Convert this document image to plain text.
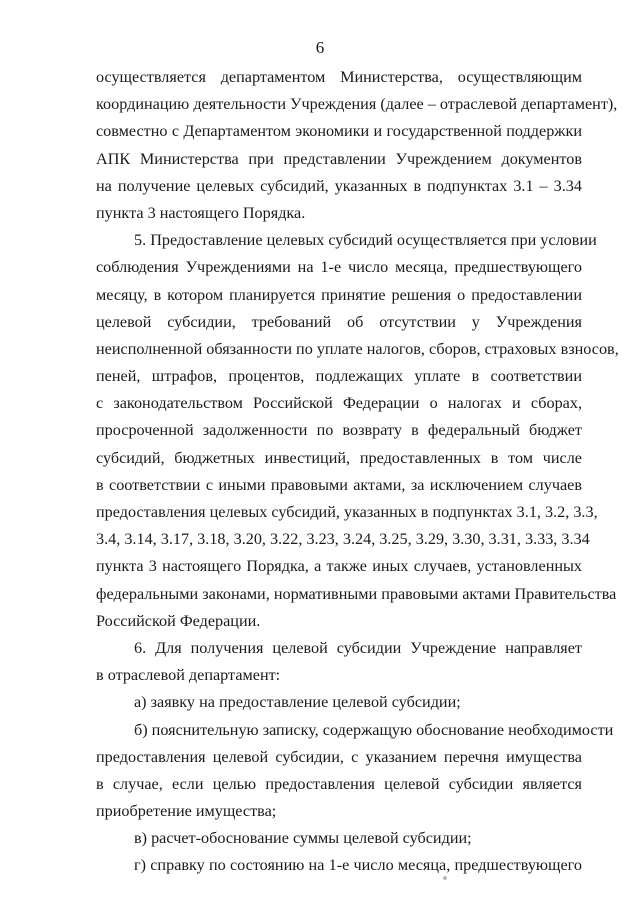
6
осуществляется департаментом Министерства, осуществляющим
координацию деятельности Учреждения (далее – отраслевой департамент),
совместно с Департаментом экономики и государственной поддержки
АПК Министерства при представлении Учреждением документов
на получение целевых субсидий, указанных в подпунктах 3.1 – 3.34
пункта 3 настоящего Порядка.
5. Предоставление целевых субсидий осуществляется при условии
соблюдения Учреждениями на 1-е число месяца, предшествующего
месяцу, в котором планируется принятие решения о предоставлении
целевой субсидии, требований об отсутствии у Учреждения
неисполненной обязанности по уплате налогов, сборов, страховых взносов,
пеней, штрафов, процентов, подлежащих уплате в соответствии
с законодательством Российской Федерации о налогах и сборах,
просроченной задолженности по возврату в федеральный бюджет
субсидий, бюджетных инвестиций, предоставленных в том числе
в соответствии с иными правовыми актами, за исключением случаев
предоставления целевых субсидий, указанных в подпунктах 3.1, 3.2, 3.3,
3.4, 3.14, 3.17, 3.18, 3.20, 3.22, 3.23, 3.24, 3.25, 3.29, 3.30, 3.31, 3.33, 3.34
пункта 3 настоящего Порядка, а также иных случаев, установленных
федеральными законами, нормативными правовыми актами Правительства
Российской Федерации.
6. Для получения целевой субсидии Учреждение направляет
в отраслевой департамент:
а) заявку на предоставление целевой субсидии;
б) пояснительную записку, содержащую обоснование необходимости
предоставления целевой субсидии, с указанием перечня имущества
в случае, если целью предоставления целевой субсидии является
приобретение имущества;
в) расчет-обоснование суммы целевой субсидии;
г) справку по состоянию на 1-е число месяца, предшествующего
